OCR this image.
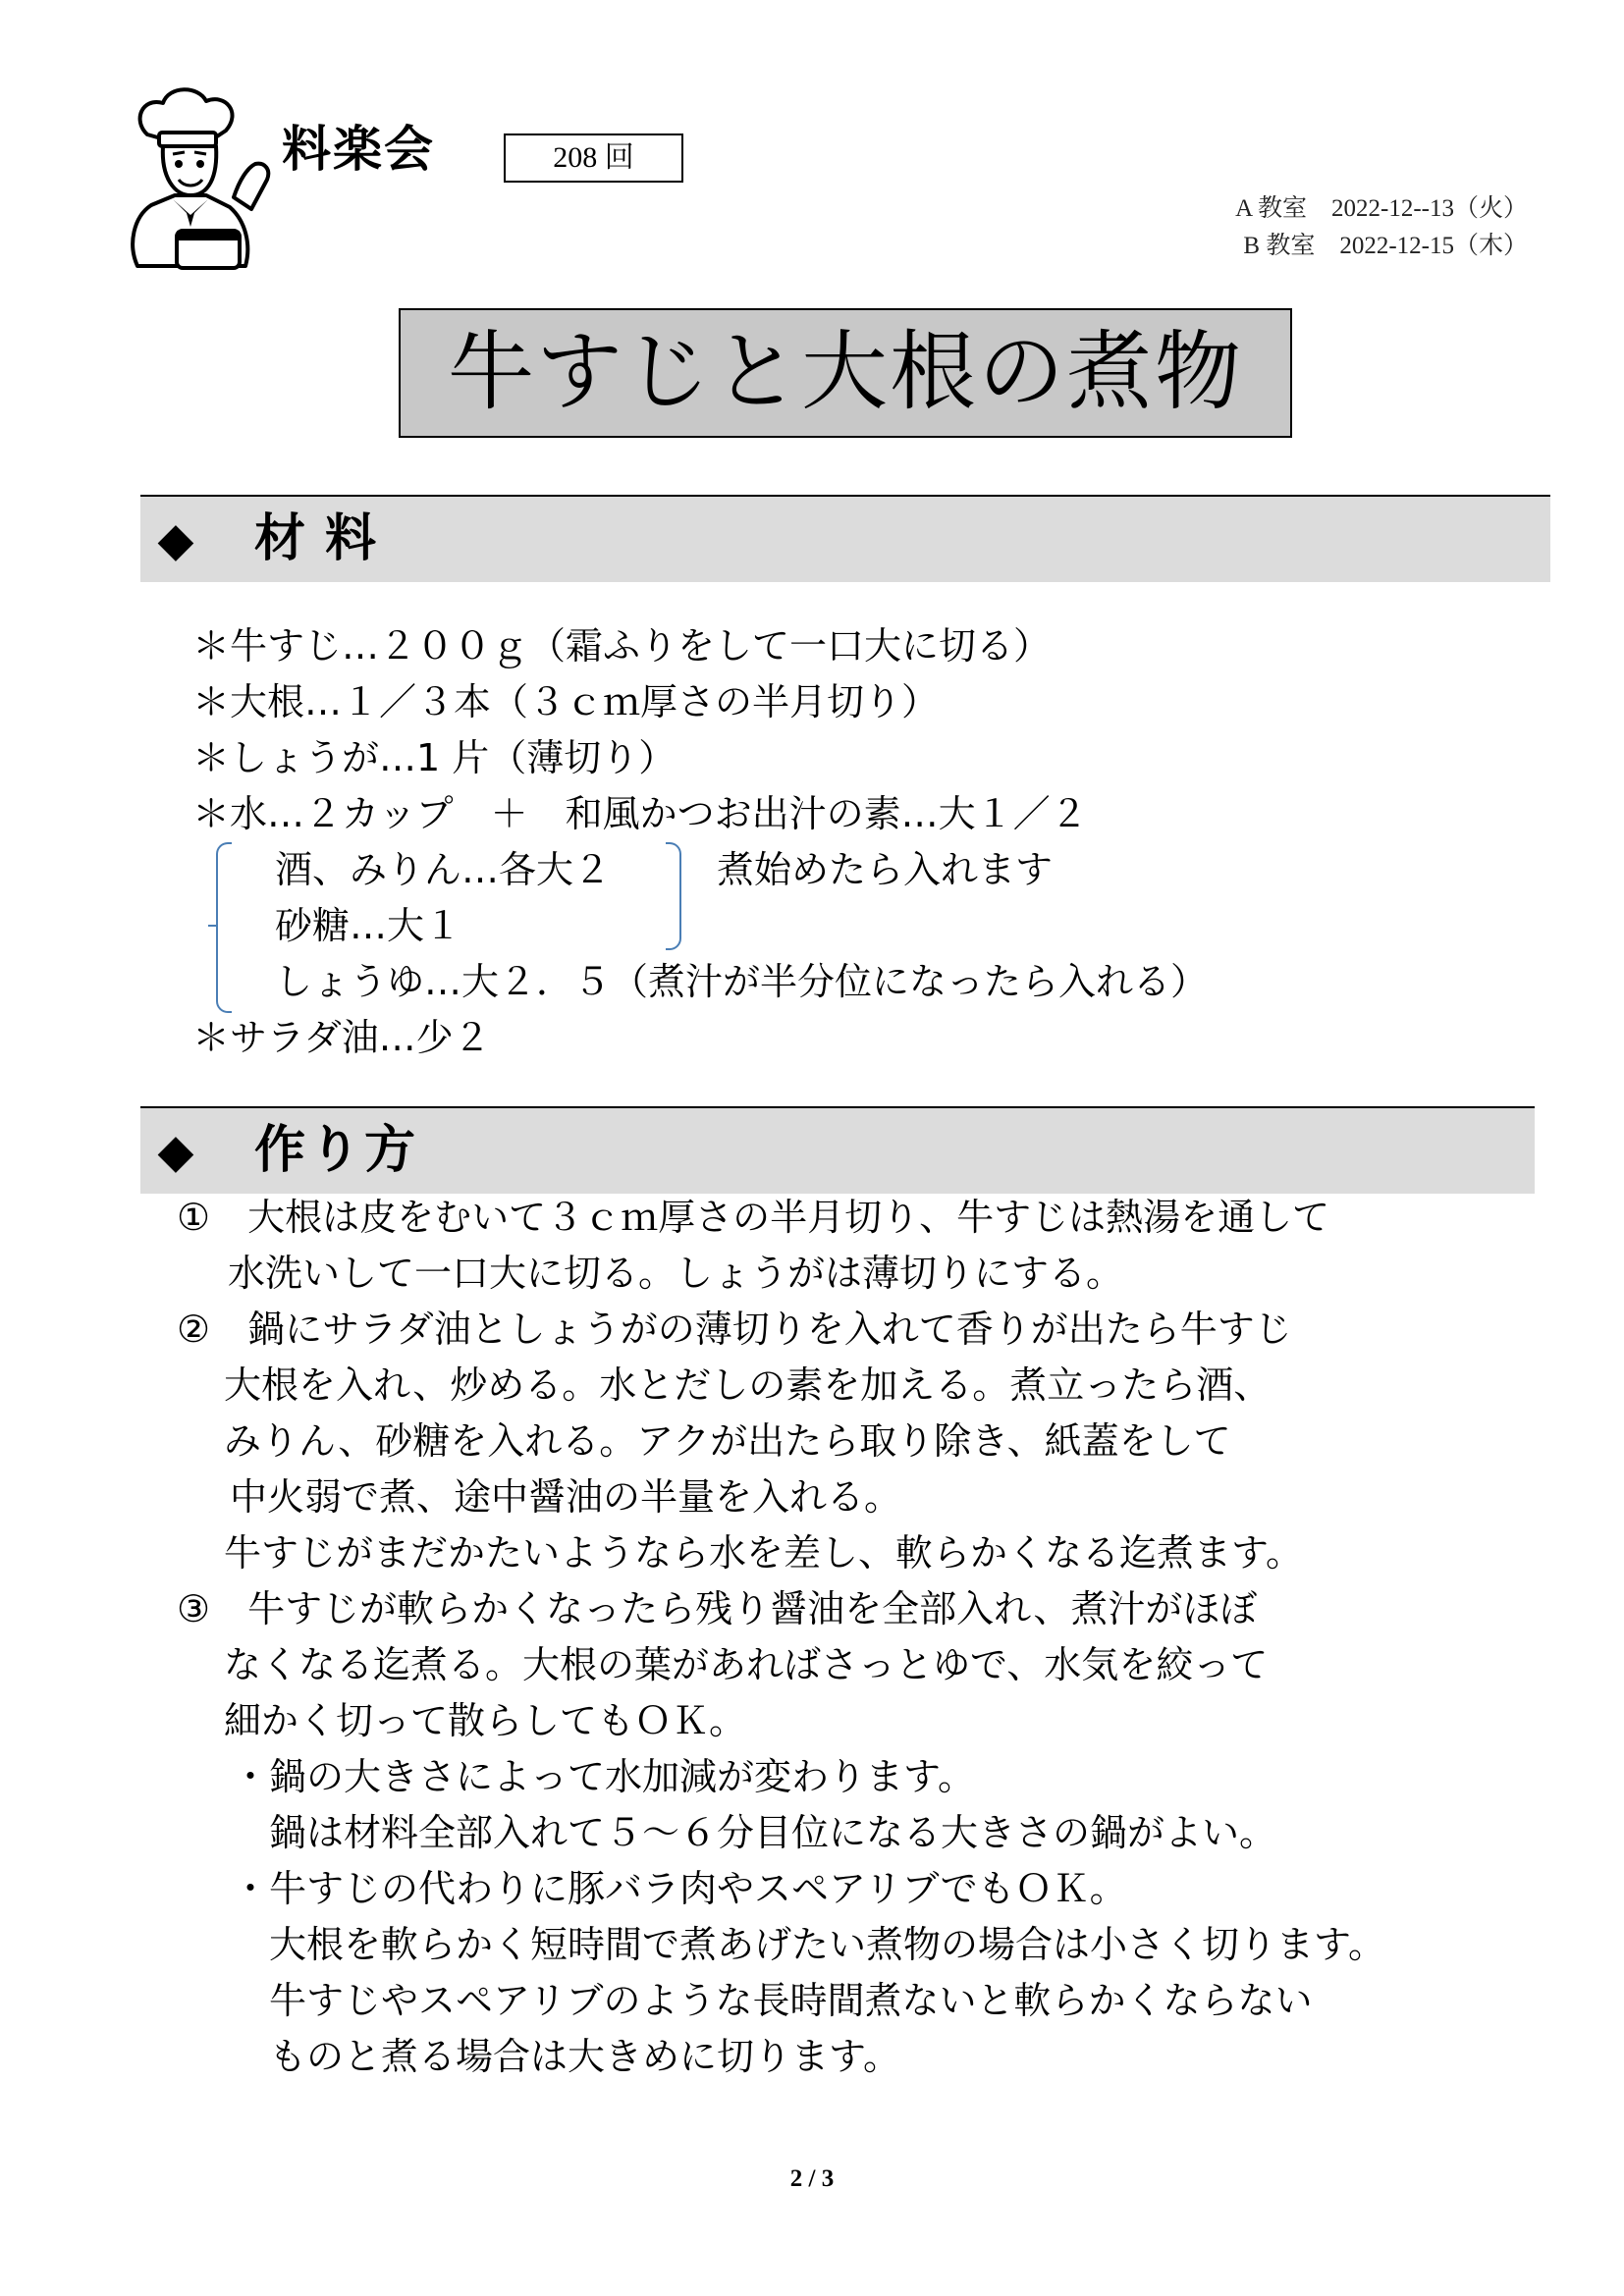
料楽会	208 回
A 教室　2022-12--13（火）
B 教室　2022-12-15（木）
牛すじと大根の煮物
◆ 材料
＊牛すじ…２００ｇ（霜ふりをして一口大に切る）
＊大根…１／３本（３ｃｍ厚さの半月切り）
＊しょうが…1 片（薄切り）
＊水…２カップ　＋　和風かつお出汁の素…大１／２
酒、みりん…各大２	煮始めたら入れます
砂糖…大１
しょうゆ…大２．５（煮汁が半分位になったら入れる）
＊サラダ油…少２
◆ 作り方
①　大根は皮をむいて３ｃｍ厚さの半月切り、牛すじは熱湯を通して
水洗いして一口大に切る。しょうがは薄切りにする。
②　鍋にサラダ油としょうがの薄切りを入れて香りが出たら牛すじ
大根を入れ、炒める。水とだしの素を加える。煮立ったら酒、
みりん、砂糖を入れる。アクが出たら取り除き、紙蓋をして
中火弱で煮、途中醤油の半量を入れる。
牛すじがまだかたいようなら水を差し、軟らかくなる迄煮ます。
③　牛すじが軟らかくなったら残り醤油を全部入れ、煮汁がほぼ
なくなる迄煮る。大根の葉があればさっとゆで、水気を絞って
細かく切って散らしてもＯＫ。
・鍋の大きさによって水加減が変わります。
鍋は材料全部入れて５～６分目位になる大きさの鍋がよい。
・牛すじの代わりに豚バラ肉やスペアリブでもＯＫ。
大根を軟らかく短時間で煮あげたい煮物の場合は小さく切ります。
牛すじやスペアリブのような長時間煮ないと軟らかくならない
ものと煮る場合は大きめに切ります。
2 / 3
